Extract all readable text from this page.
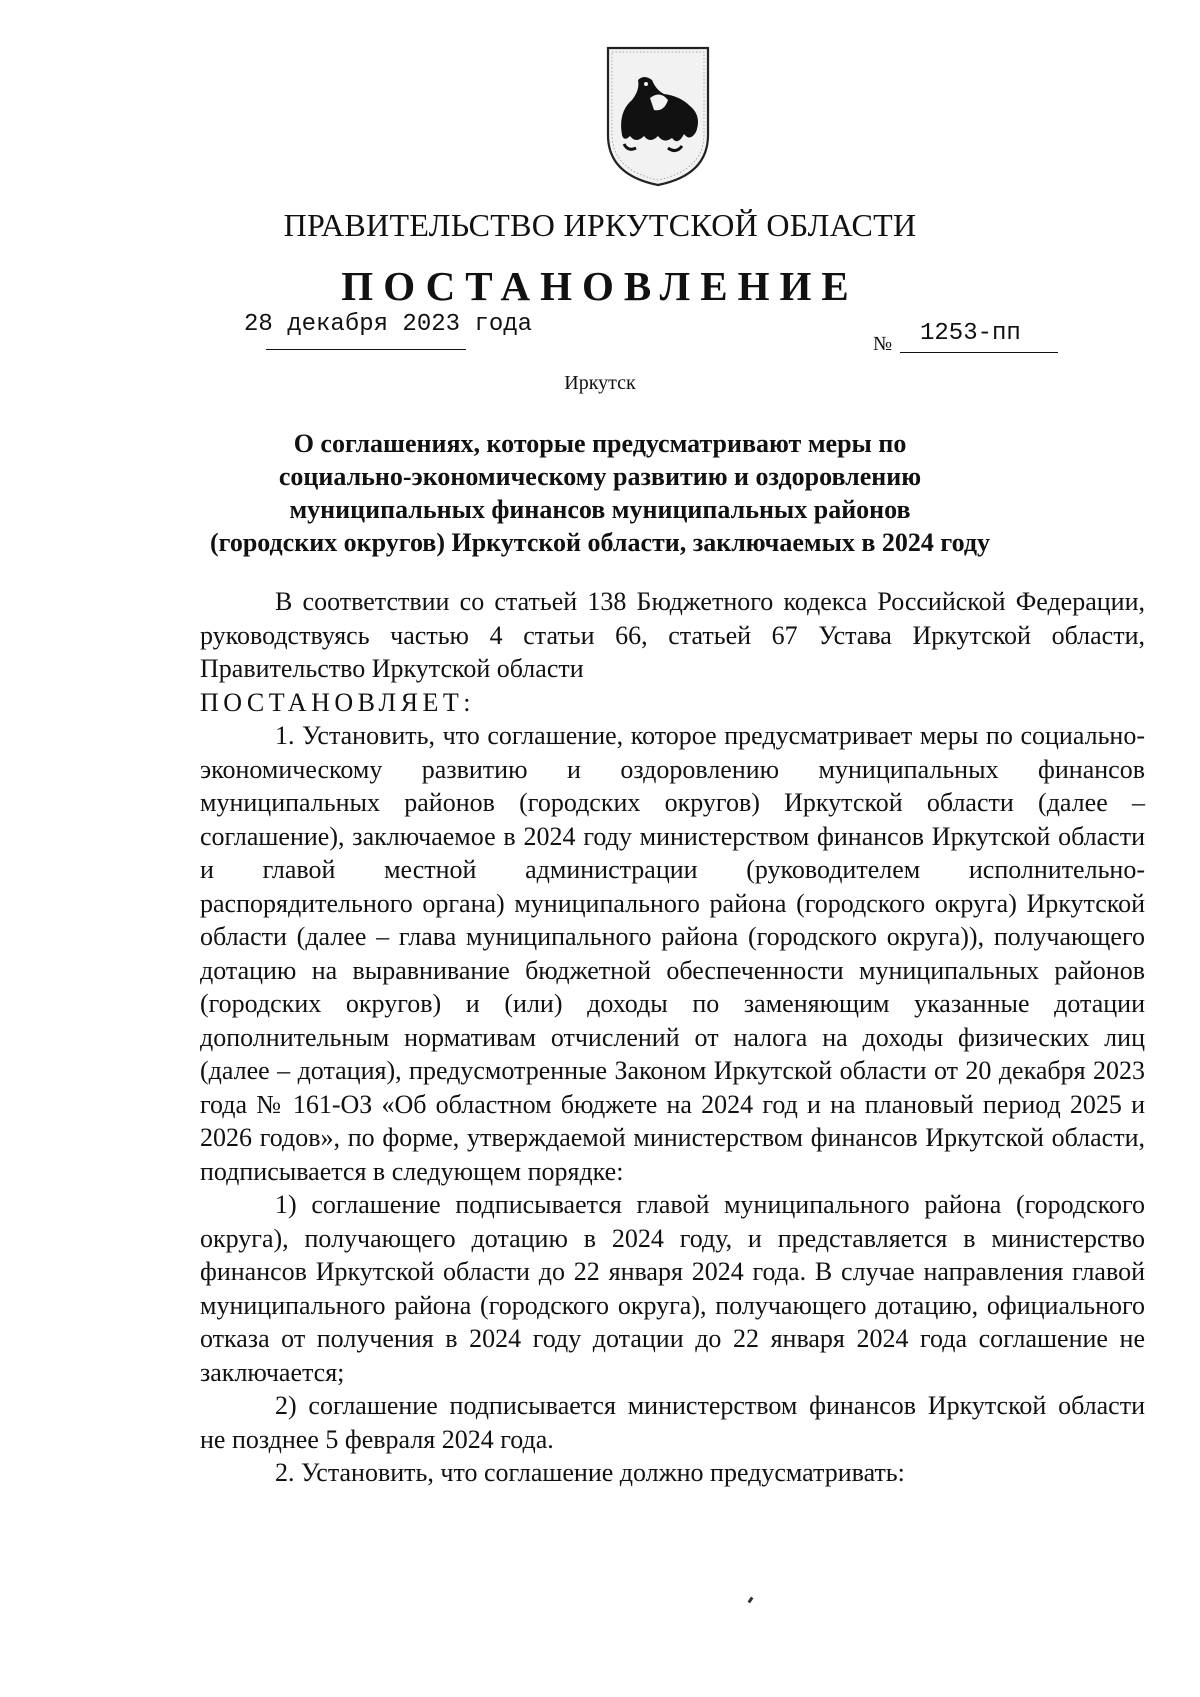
ПРАВИТЕЛЬСТВО ИРКУТСКОЙ ОБЛАСТИ
ПОСТАНОВЛЕНИЕ
28 декабря 2023 года
№ 1253-пп
Иркутск
О соглашениях, которые предусматривают меры по
социально-экономическому развитию и оздоровлению
муниципальных финансов муниципальных районов
(городских округов) Иркутской области, заключаемых в 2024 году

В соответствии со статьей 138 Бюджетного кодекса Российской Федерации, руководствуясь частью 4 статьи 66, статьей 67 Устава Иркутской области, Правительство Иркутской области

ПОСТАНОВЛЯЕТ:

1. Установить, что соглашение, которое предусматривает меры по социально-экономическому развитию и оздоровлению муниципальных финансов муниципальных районов (городских округов) Иркутской области (далее – соглашение), заключаемое в 2024 году министерством финансов Иркутской области и главой местной администрации (руководителем исполнительно-распорядительного органа) муниципального района (городского округа) Иркутской области (далее – глава муниципального района (городского округа)), получающего дотацию на выравнивание бюджетной обеспеченности муниципальных районов (городских округов) и (или) доходы по заменяющим указанные дотации дополнительным нормативам отчислений от налога на доходы физических лиц (далее – дотация), предусмотренные Законом Иркутской области от 20 декабря 2023 года № 161-ОЗ «Об областном бюджете на 2024 год и на плановый период 2025 и 2026 годов», по форме, утверждаемой министерством финансов Иркутской области, подписывается в следующем порядке:

1) соглашение подписывается главой муниципального района (городского округа), получающего дотацию в 2024 году, и представляется в министерство финансов Иркутской области до 22 января 2024 года. В случае направления главой муниципального района (городского округа), получающего дотацию, официального отказа от получения в 2024 году дотации до 22 января 2024 года соглашение не заключается;

2) соглашение подписывается министерством финансов Иркутской области не позднее 5 февраля 2024 года.

2. Установить, что соглашение должно предусматривать:
